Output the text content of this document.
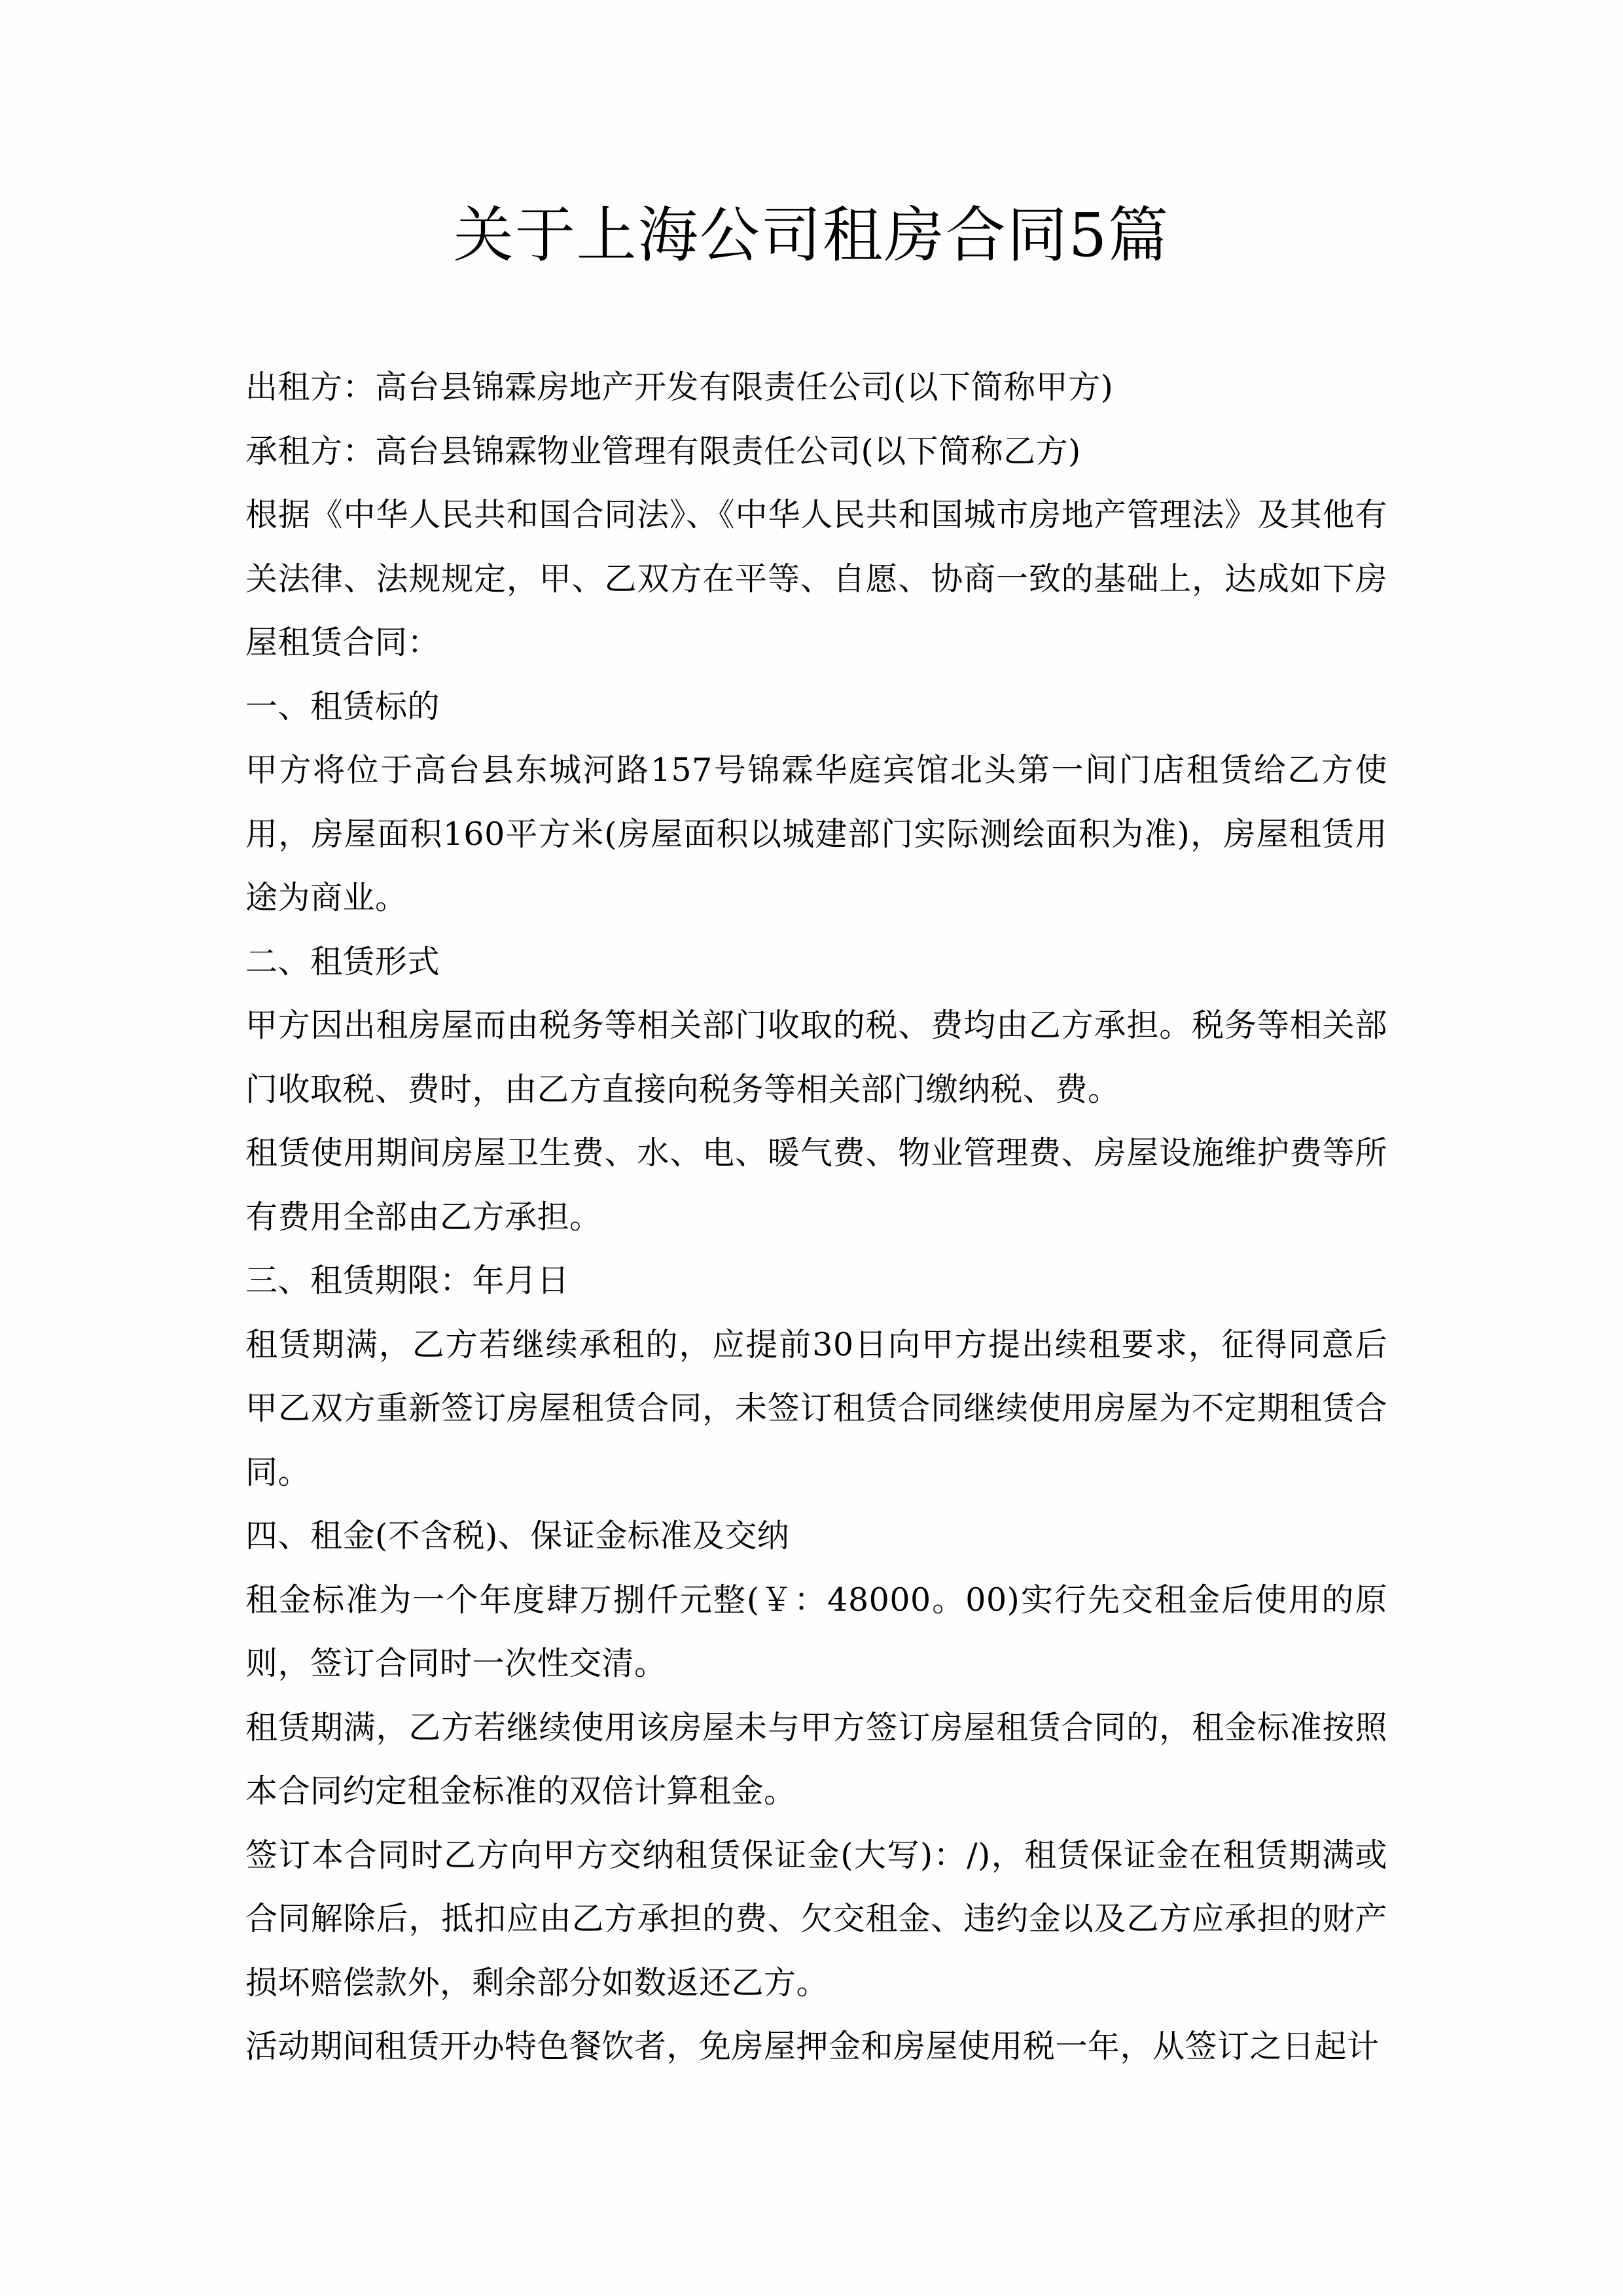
关于上海公司租房合同5篇

出租方：高台县锦霖房地产开发有限责任公司(以下简称甲方)

承租方：高台县锦霖物业管理有限责任公司(以下简称乙方)

根据《中华人民共和国合同法》、《中华人民共和国城市房地产管理法》及其他有关法律、法规规定，甲、乙双方在平等、自愿、协商一致的基础上，达成如下房屋租赁合同：

一、租赁标的

甲方将位于高台县东城河路157号锦霖华庭宾馆北头第一间门店租赁给乙方使用，房屋面积160平方米(房屋面积以城建部门实际测绘面积为准)，房屋租赁用途为商业。

二、租赁形式

甲方因出租房屋而由税务等相关部门收取的税、费均由乙方承担。税务等相关部门收取税、费时，由乙方直接向税务等相关部门缴纳税、费。

租赁使用期间房屋卫生费、水、电、暖气费、物业管理费、房屋设施维护费等所有费用全部由乙方承担。

三、租赁期限：年月日

租赁期满，乙方若继续承租的，应提前30日向甲方提出续租要求，征得同意后甲乙双方重新签订房屋租赁合同，未签订租赁合同继续使用房屋为不定期租赁合同。

四、租金(不含税)、保证金标准及交纳

租金标准为一个年度肆万捌仟元整(￥：48000。00)实行先交租金后使用的原则，签订合同时一次性交清。

租赁期满，乙方若继续使用该房屋未与甲方签订房屋租赁合同的，租金标准按照本合同约定租金标准的双倍计算租金。

签订本合同时乙方向甲方交纳租赁保证金(大写)：/)，租赁保证金在租赁期满或合同解除后，抵扣应由乙方承担的费、欠交租金、违约金以及乙方应承担的财产损坏赔偿款外，剩余部分如数返还乙方。

活动期间租赁开办特色餐饮者，免房屋押金和房屋使用税一年，从签订之日起计
